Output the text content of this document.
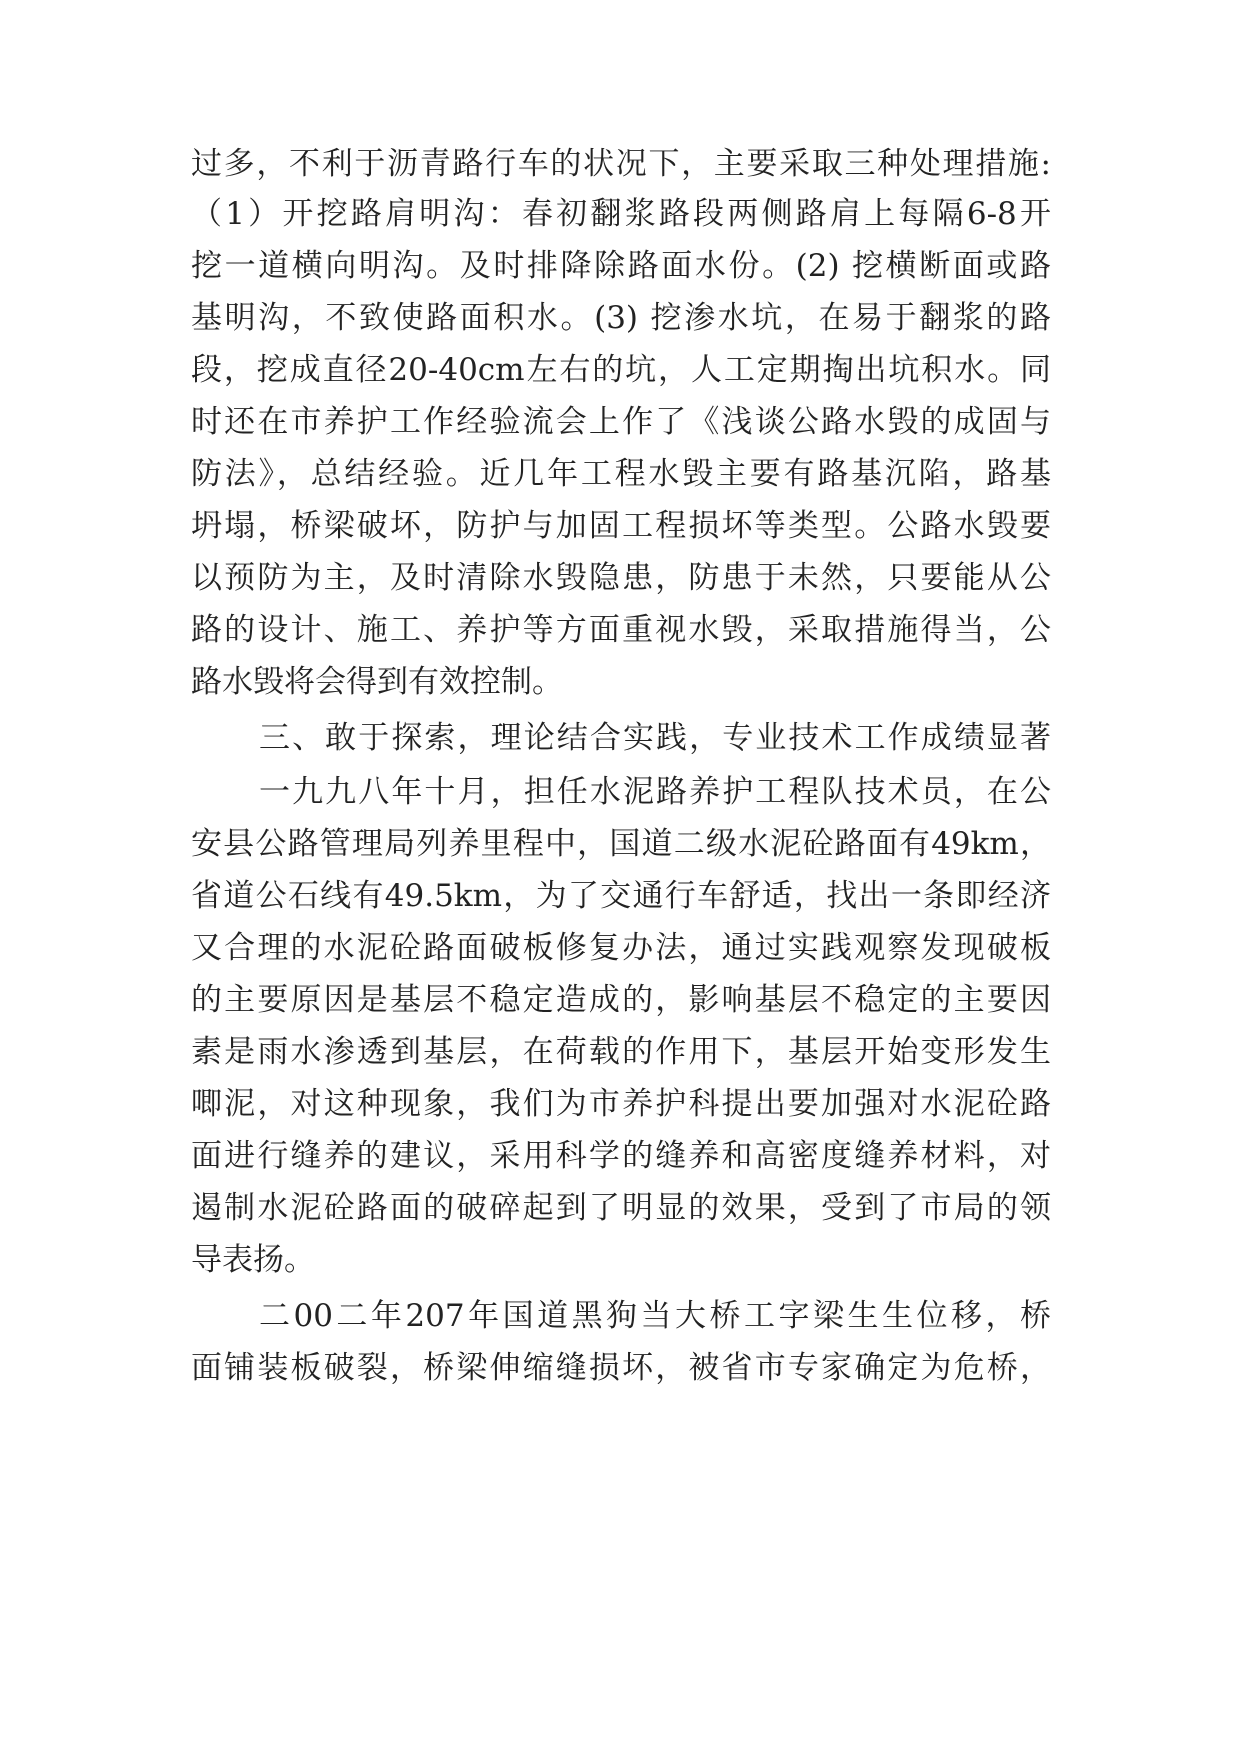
过多，不利于沥青路行车的状况下，主要采取三种处理措施:
（1）开挖路肩明沟：春初翻浆路段两侧路肩上每隔6-8开
挖一道横向明沟。及时排降除路面水份。(2) 挖横断面或路
基明沟，不致使路面积水。(3) 挖渗水坑，在易于翻浆的路
段，挖成直径20-40cm左右的坑，人工定期掏出坑积水。同
时还在市养护工作经验流会上作了《浅谈公路水毁的成固与
防法》，总结经验。近几年工程水毁主要有路基沉陷，路基
坍塌，桥梁破坏，防护与加固工程损坏等类型。公路水毁要
以预防为主，及时清除水毁隐患，防患于未然，只要能从公
路的设计、施工、养护等方面重视水毁，采取措施得当，公
路水毁将会得到有效控制。
三、敢于探索，理论结合实践，专业技术工作成绩显著
一九九八年十月，担任水泥路养护工程队技术员，在公
安县公路管理局列养里程中，国道二级水泥砼路面有49km，
省道公石线有49.5km，为了交通行车舒适，找出一条即经济
又合理的水泥砼路面破板修复办法，通过实践观察发现破板
的主要原因是基层不稳定造成的，影响基层不稳定的主要因
素是雨水渗透到基层，在荷载的作用下，基层开始变形发生
唧泥，对这种现象，我们为市养护科提出要加强对水泥砼路
面进行缝养的建议，采用科学的缝养和高密度缝养材料，对
遏制水泥砼路面的破碎起到了明显的效果，受到了市局的领
导表扬。
二00二年207年国道黑狗当大桥工字梁生生位移，桥
面铺装板破裂，桥梁伸缩缝损坏，被省市专家确定为危桥，
